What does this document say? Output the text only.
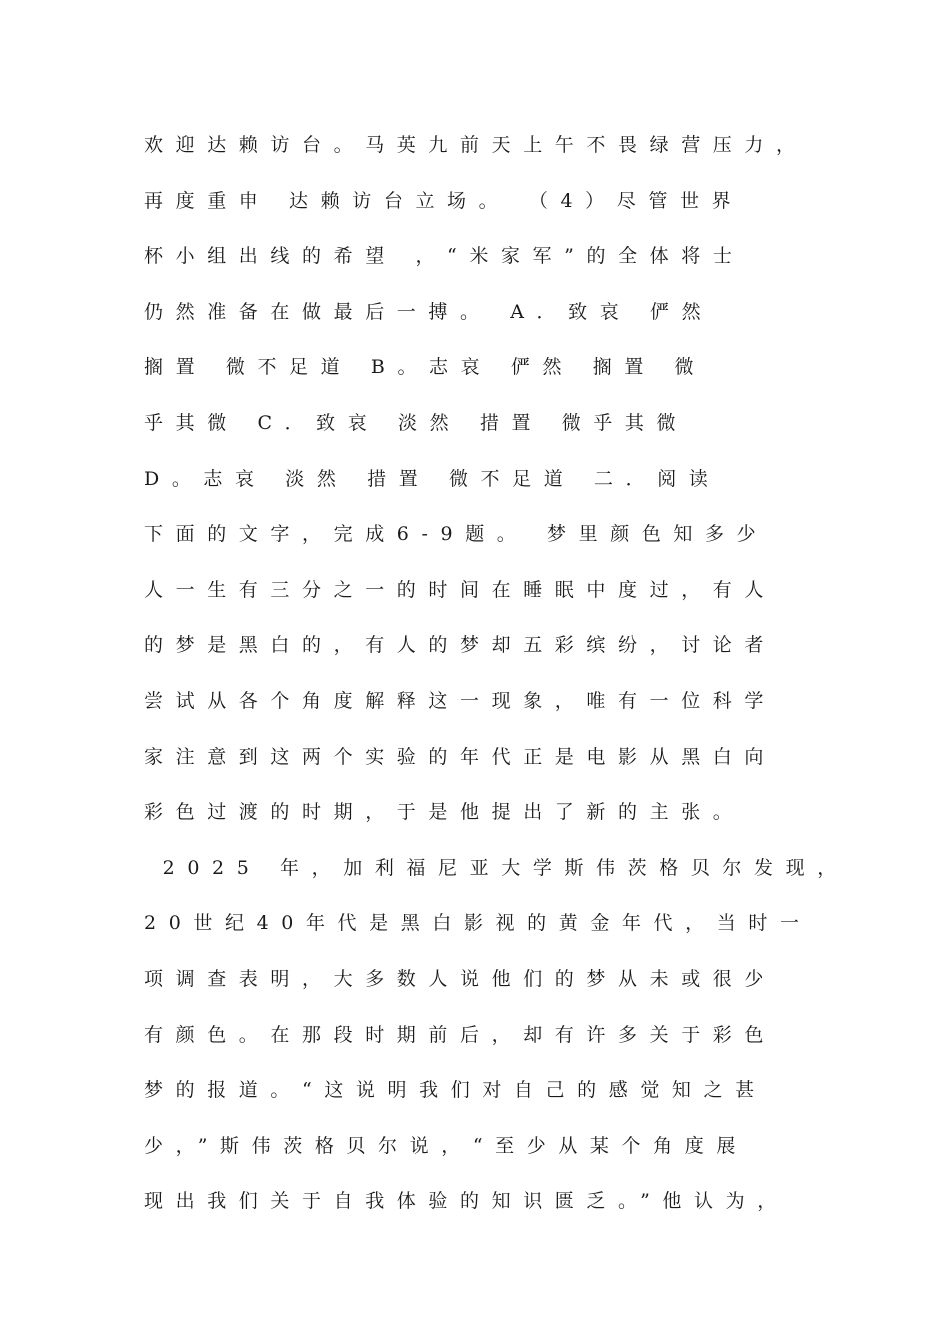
欢迎达赖访台。马英九前天上午不畏绿营压力，
再度重申 达赖访台立场。 （4）尽管世界
杯小组出线的希望 ，“米家军”的全体将士
仍然准备在做最后一搏。 A．致哀 俨然
搁置 微不足道 B。志哀 俨然 搁置 微
乎其微 C．致哀 淡然 措置 微乎其微
D。志哀 淡然 措置 微不足道 二．阅读
下面的文字，完成6-9题。 梦里颜色知多少
人一生有三分之一的时间在睡眠中度过，有人
的梦是黑白的，有人的梦却五彩缤纷，讨论者
尝试从各个角度解释这一现象，唯有一位科学
家注意到这两个实验的年代正是电影从黑白向
彩色过渡的时期，于是他提出了新的主张。
2025 年，加利福尼亚大学斯伟茨格贝尔发现，
20世纪40年代是黑白影视的黄金年代，当时一
项调查表明，大多数人说他们的梦从未或很少
有颜色。在那段时期前后，却有许多关于彩色
梦的报道。“这说明我们对自己的感觉知之甚
少，”斯伟茨格贝尔说，“至少从某个角度展
现出我们关于自我体验的知识匮乏。”他认为，
